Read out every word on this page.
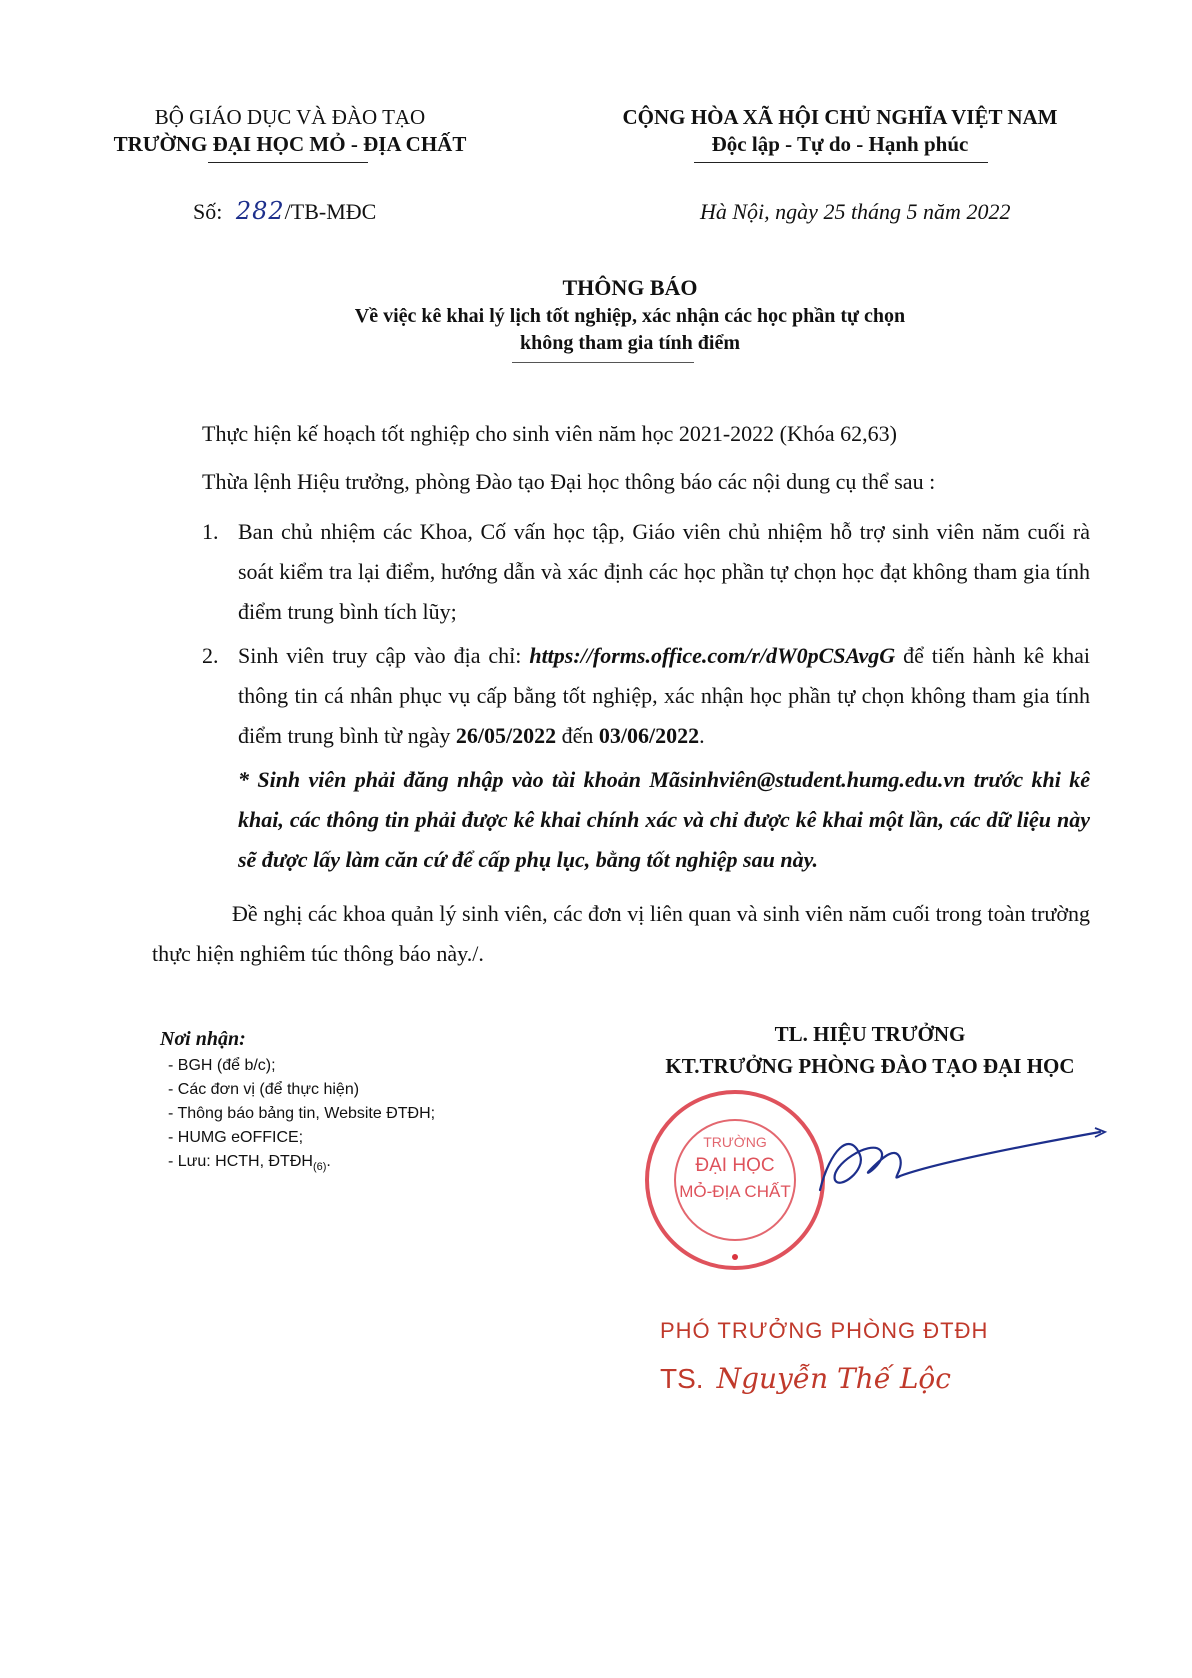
BỘ GIÁO DỤC VÀ ĐÀO TẠO
TRƯỜNG ĐẠI HỌC MỎ - ĐỊA CHẤT
CỘNG HÒA XÃ HỘI CHỦ NGHĨA VIỆT NAM
Độc lập - Tự do - Hạnh phúc
Số: 282/TB-MĐC	Hà Nội, ngày 25 tháng 5 năm 2022
THÔNG BÁO
Về việc kê khai lý lịch tốt nghiệp, xác nhận các học phần tự chọn
không tham gia tính điểm
Thực hiện kế hoạch tốt nghiệp cho sinh viên năm học 2021-2022 (Khóa 62,63)
Thừa lệnh Hiệu trưởng, phòng Đào tạo Đại học thông báo các nội dung cụ thể sau :
1. Ban chủ nhiệm các Khoa, Cố vấn học tập, Giáo viên chủ nhiệm hỗ trợ sinh viên năm cuối rà soát kiểm tra lại điểm, hướng dẫn và xác định các học phần tự chọn học đạt không tham gia tính điểm trung bình tích lũy;
2. Sinh viên truy cập vào địa chỉ: https://forms.office.com/r/dW0pCSAvgG để tiến hành kê khai thông tin cá nhân phục vụ cấp bằng tốt nghiệp, xác nhận học phần tự chọn không tham gia tính điểm trung bình từ ngày 26/05/2022 đến 03/06/2022.
* Sinh viên phải đăng nhập vào tài khoản Mãsinhviên@student.humg.edu.vn trước khi kê khai, các thông tin phải được kê khai chính xác và chỉ được kê khai một lần, các dữ liệu này sẽ được lấy làm căn cứ để cấp phụ lục, bằng tốt nghiệp sau này.
Đề nghị các khoa quản lý sinh viên, các đơn vị liên quan và sinh viên năm cuối trong toàn trường thực hiện nghiêm túc thông báo này./.
Nơi nhận:
- BGH (để b/c);
- Các đơn vị (để thực hiện)
- Thông báo bảng tin, Website ĐTĐH;
- HUMG eOFFICE;
- Lưu: HCTH, $ĐTĐH_{(6)}$.
TL. HIỆU TRƯỞNG
KT.TRƯỞNG PHÒNG ĐÀO TẠO ĐẠI HỌC
ĐẠI HỌC
MỎ-ĐỊA CHẤT
TRƯỜNG
PHÓ TRƯỞNG PHÒNG ĐTĐH
TS. Nguyễn Thế Lộc
